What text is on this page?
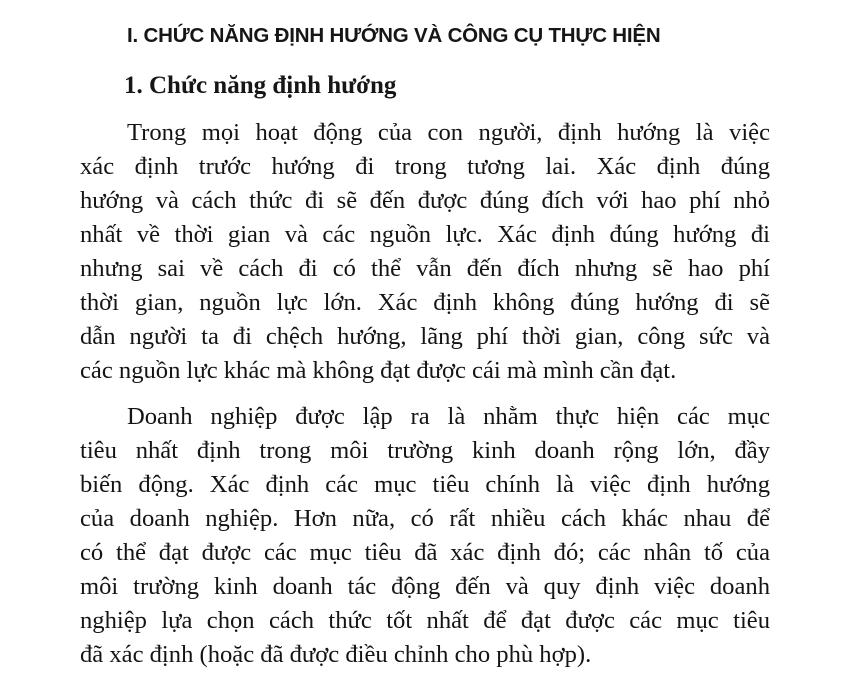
I. CHỨC NĂNG ĐỊNH HƯỚNG VÀ CÔNG CỤ THỰC HIỆN
1. Chức năng định hướng

Trong mọi hoạt động của con người, định hướng là việc
xác định trước hướng đi trong tương lai. Xác định đúng
hướng và cách thức đi sẽ đến được đúng đích với hao phí nhỏ
nhất về thời gian và các nguồn lực. Xác định đúng hướng đi
nhưng sai về cách đi có thể vẫn đến đích nhưng sẽ hao phí
thời gian, nguồn lực lớn. Xác định không đúng hướng đi sẽ
dẫn người ta đi chệch hướng, lãng phí thời gian, công sức và
các nguồn lực khác mà không đạt được cái mà mình cần đạt.

Doanh nghiệp được lập ra là nhằm thực hiện các mục
tiêu nhất định trong môi trường kinh doanh rộng lớn, đầy
biến động. Xác định các mục tiêu chính là việc định hướng
của doanh nghiệp. Hơn nữa, có rất nhiều cách khác nhau để
có thể đạt được các mục tiêu đã xác định đó; các nhân tố của
môi trường kinh doanh tác động đến và quy định việc doanh
nghiệp lựa chọn cách thức tốt nhất để đạt được các mục tiêu
đã xác định (hoặc đã được điều chỉnh cho phù hợp).
